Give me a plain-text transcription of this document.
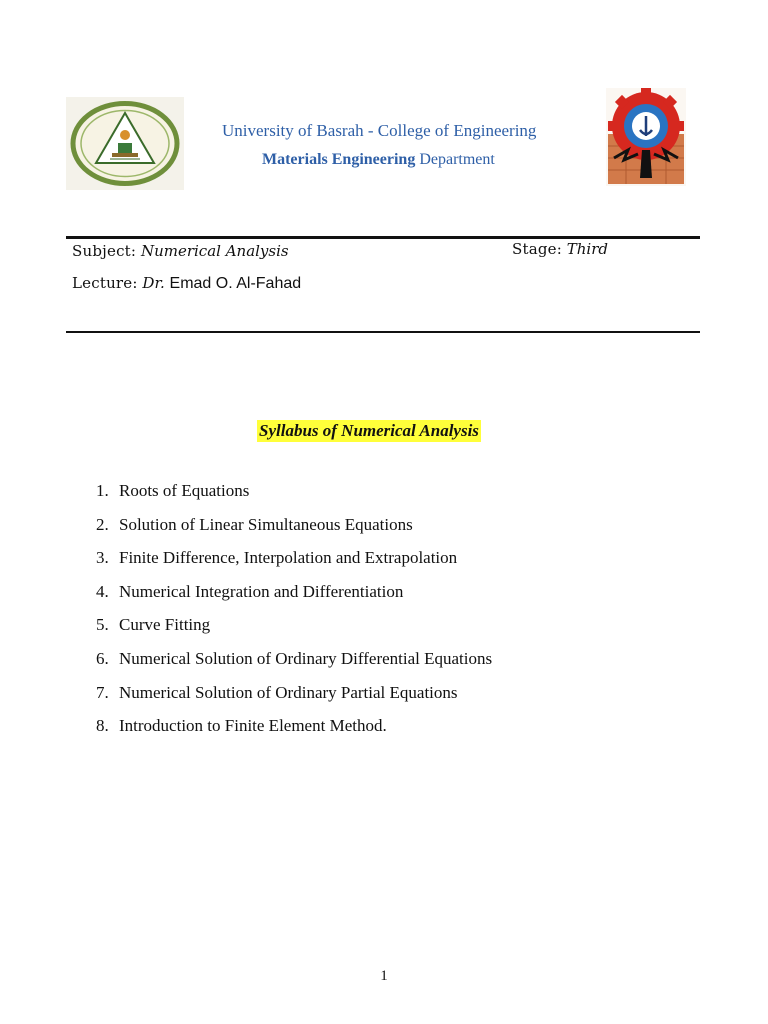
University of Basrah - College of Engineering
Materials Engineering Department
Subject: Numerical Analysis	Stage: Third
Lecture: Dr. Emad O. Al-Fahad
Syllabus of Numerical Analysis
1. Roots of Equations
2. Solution of Linear Simultaneous Equations
3. Finite Difference, Interpolation and Extrapolation
4. Numerical Integration and Differentiation
5. Curve Fitting
6. Numerical Solution of Ordinary Differential Equations
7. Numerical Solution of Ordinary Partial Equations
8. Introduction to Finite Element Method.
1
